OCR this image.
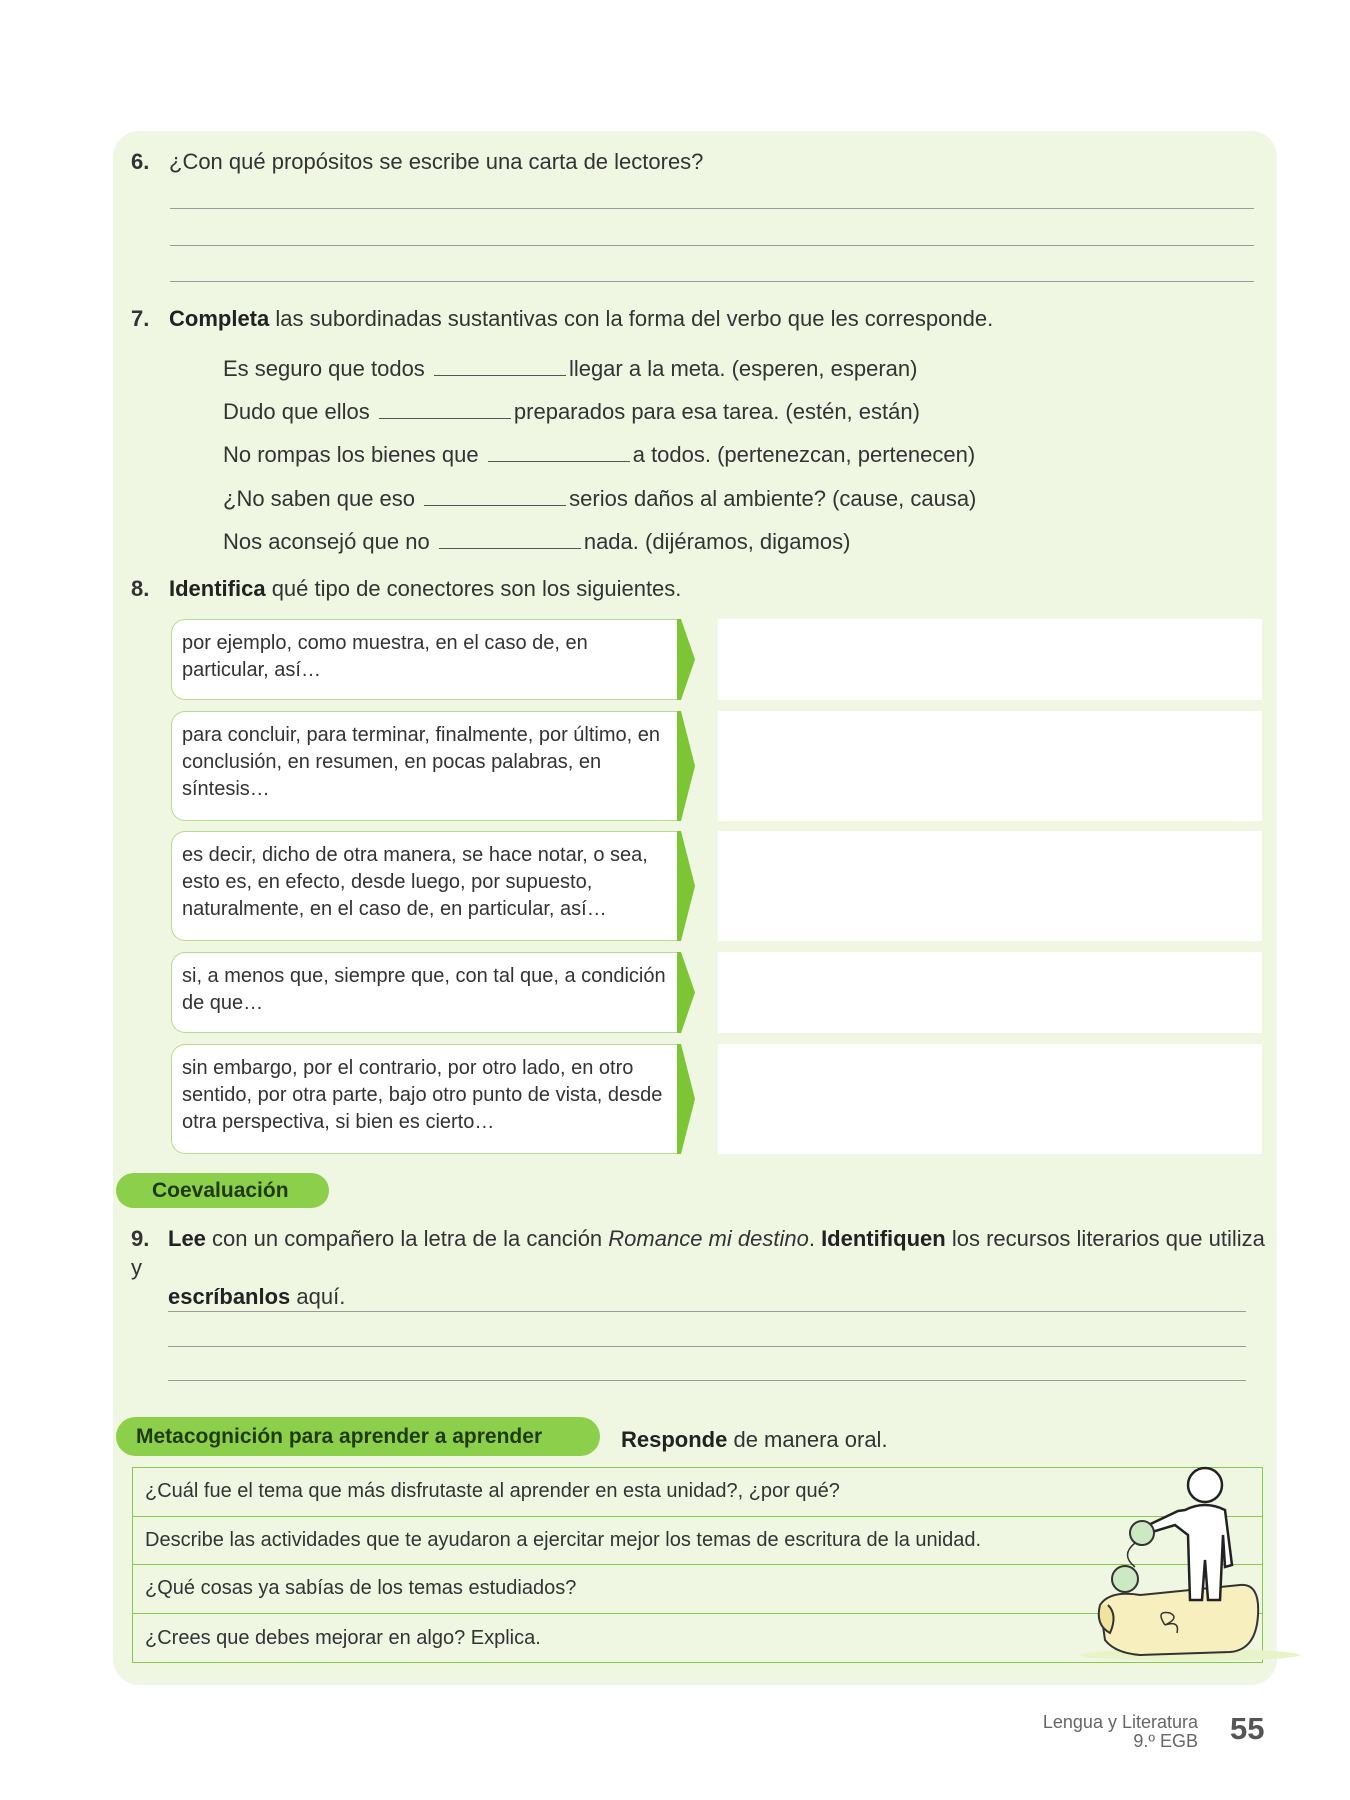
6. ¿Con qué propósitos se escribe una carta de lectores?
7. Completa las subordinadas sustantivas con la forma del verbo que les corresponde.
Es seguro que todos	llegar a la meta. (esperen, esperan)
Dudo que ellos	preparados para esa tarea. (estén, están)
No rompas los bienes que	a todos. (pertenezcan, pertenecen)
¿No saben que eso	serios daños al ambiente? (cause, causa)
Nos aconsejó que no	nada. (dijéramos, digamos)
8. Identifica qué tipo de conectores son los siguientes.
por ejemplo, como muestra, en el caso de, en particular, así…
para concluir, para terminar, finalmente, por último, en conclusión, en resumen, en pocas palabras, en síntesis…
es decir, dicho de otra manera, se hace notar, o sea, esto es, en efecto, desde luego, por supuesto, naturalmente, en el caso de, en particular, así…
si, a menos que, siempre que, con tal que, a condición de que…
sin embargo, por el contrario, por otro lado, en otro sentido, por otra parte, bajo otro punto de vista, desde otra perspectiva, si bien es cierto…
Coevaluación
9. Lee con un compañero la letra de la canción Romance mi destino. Identifiquen los recursos literarios que utiliza y
escríbanlos aquí.
Metacognición para aprender a aprender	Responde de manera oral.
¿Cuál fue el tema que más disfrutaste al aprender en esta unidad?, ¿por qué?
Describe las actividades que te ayudaron a ejercitar mejor los temas de escritura de la unidad.
¿Qué cosas ya sabías de los temas estudiados?
¿Crees que debes mejorar en algo? Explica.
Lengua y Literatura
9.º EGB 55
